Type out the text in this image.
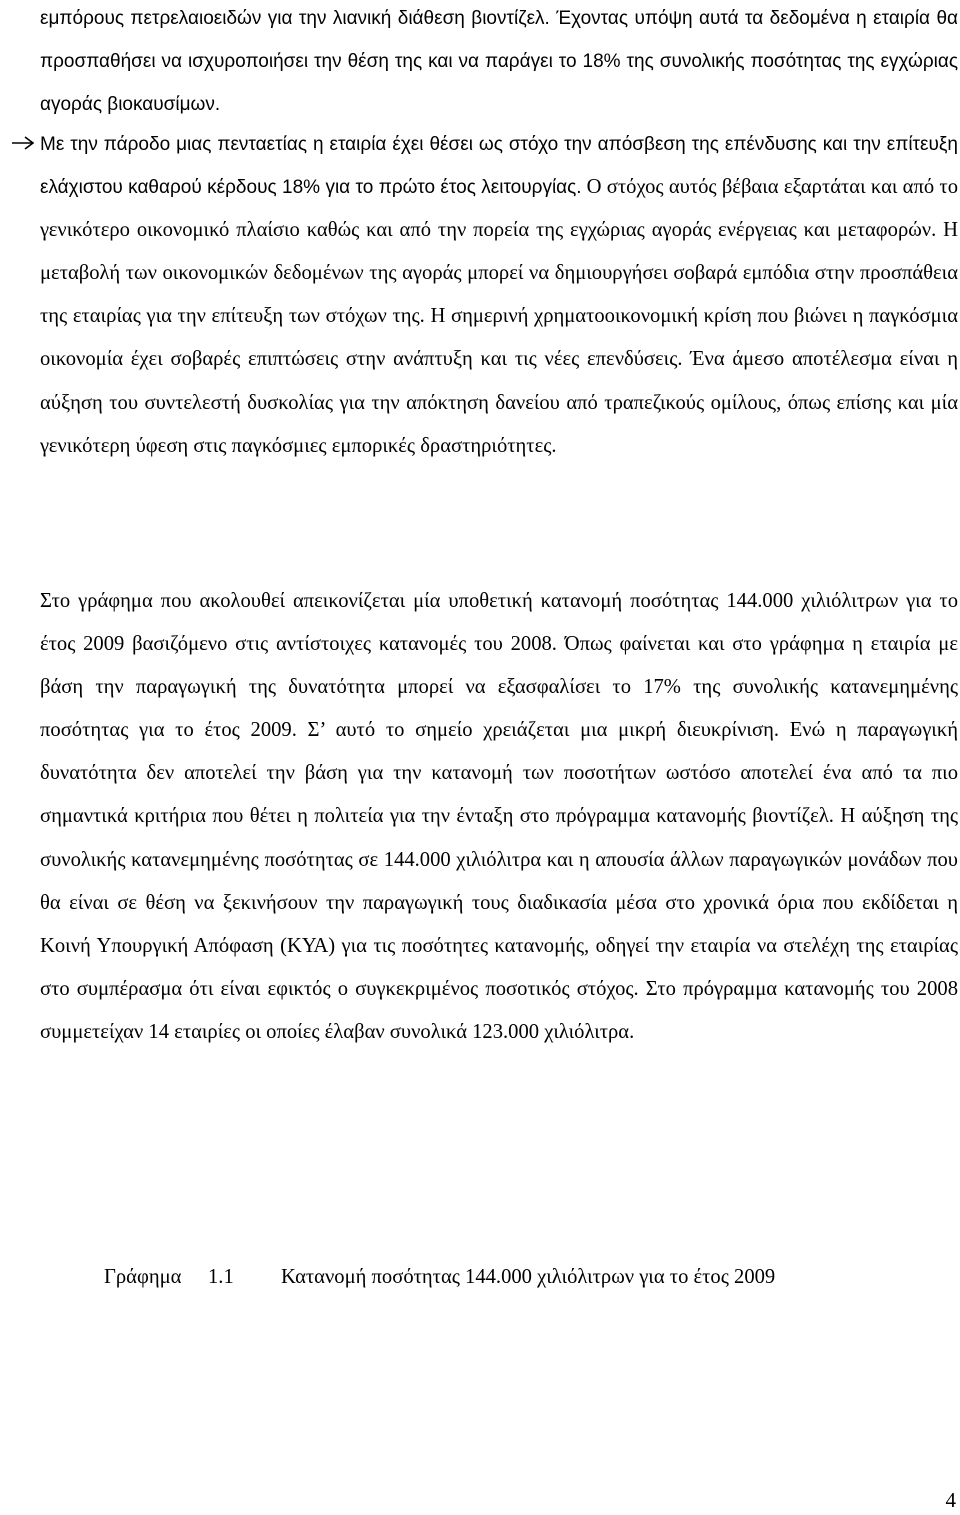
εμπόρους πετρελαιοειδών για την λιανική διάθεση βιοντίζελ. Έχοντας υπόψη αυτά τα δεδομένα η εταιρία θα προσπαθήσει να ισχυροποιήσει την θέση της και να παράγει το 18% της συνολικής ποσότητας της εγχώριας αγοράς βιοκαυσίμων.

Με την πάροδο μιας πενταετίας η εταιρία έχει θέσει ως στόχο την απόσβεση της επένδυσης και την επίτευξη ελάχιστου καθαρού κέρδους 18% για το πρώτο έτος λειτουργίας. Ο στόχος αυτός βέβαια εξαρτάται και από το γενικότερο οικονομικό πλαίσιο καθώς και από την πορεία της εγχώριας αγοράς ενέργειας και μεταφορών. Η μεταβολή των οικονομικών δεδομένων της αγοράς μπορεί να δημιουργήσει σοβαρά εμπόδια στην προσπάθεια της εταιρίας για την επίτευξη των στόχων της. Η σημερινή χρηματοοικονομική κρίση που βιώνει η παγκόσμια οικονομία έχει σοβαρές επιπτώσεις στην ανάπτυξη και τις νέες επενδύσεις. Ένα άμεσο αποτέλεσμα είναι η αύξηση του συντελεστή δυσκολίας για την απόκτηση δανείου από τραπεζικούς ομίλους, όπως επίσης και μία γενικότερη ύφεση στις παγκόσμιες εμπορικές δραστηριότητες.

Στο γράφημα που ακολουθεί απεικονίζεται μία υποθετική κατανομή ποσότητας 144.000 χιλιόλιτρων για το έτος 2009 βασιζόμενο στις αντίστοιχες κατανομές του 2008. Όπως φαίνεται και στο γράφημα η εταιρία με βάση την παραγωγική της δυνατότητα μπορεί να εξασφαλίσει το 17% της συνολικής κατανεμημένης ποσότητας για το έτος 2009. Σ’ αυτό το σημείο χρειάζεται μια μικρή διευκρίνιση. Ενώ η παραγωγική δυνατότητα δεν αποτελεί την βάση για την κατανομή των ποσοτήτων ωστόσο αποτελεί ένα από τα πιο σημαντικά κριτήρια που θέτει η πολιτεία για την ένταξη στο πρόγραμμα κατανομής βιοντίζελ. Η αύξηση της συνολικής κατανεμημένης ποσότητας σε 144.000 χιλιόλιτρα και η απουσία άλλων παραγωγικών μονάδων που θα είναι σε θέση να ξεκινήσουν την παραγωγική τους διαδικασία μέσα στο χρονικά όρια που εκδίδεται η Κοινή Υπουργική Απόφαση (ΚΥΑ) για τις ποσότητες κατανομής, οδηγεί την εταιρία να στελέχη της εταιρίας στο συμπέρασμα ότι είναι εφικτός ο συγκεκριμένος ποσοτικός στόχος. Στο πρόγραμμα κατανομής του 2008 συμμετείχαν 14 εταιρίες οι οποίες έλαβαν συνολικά 123.000 χιλιόλιτρα.

Γράφημα 1.1 Κατανομή ποσότητας 144.000 χιλιόλιτρων για το έτος 2009
4
